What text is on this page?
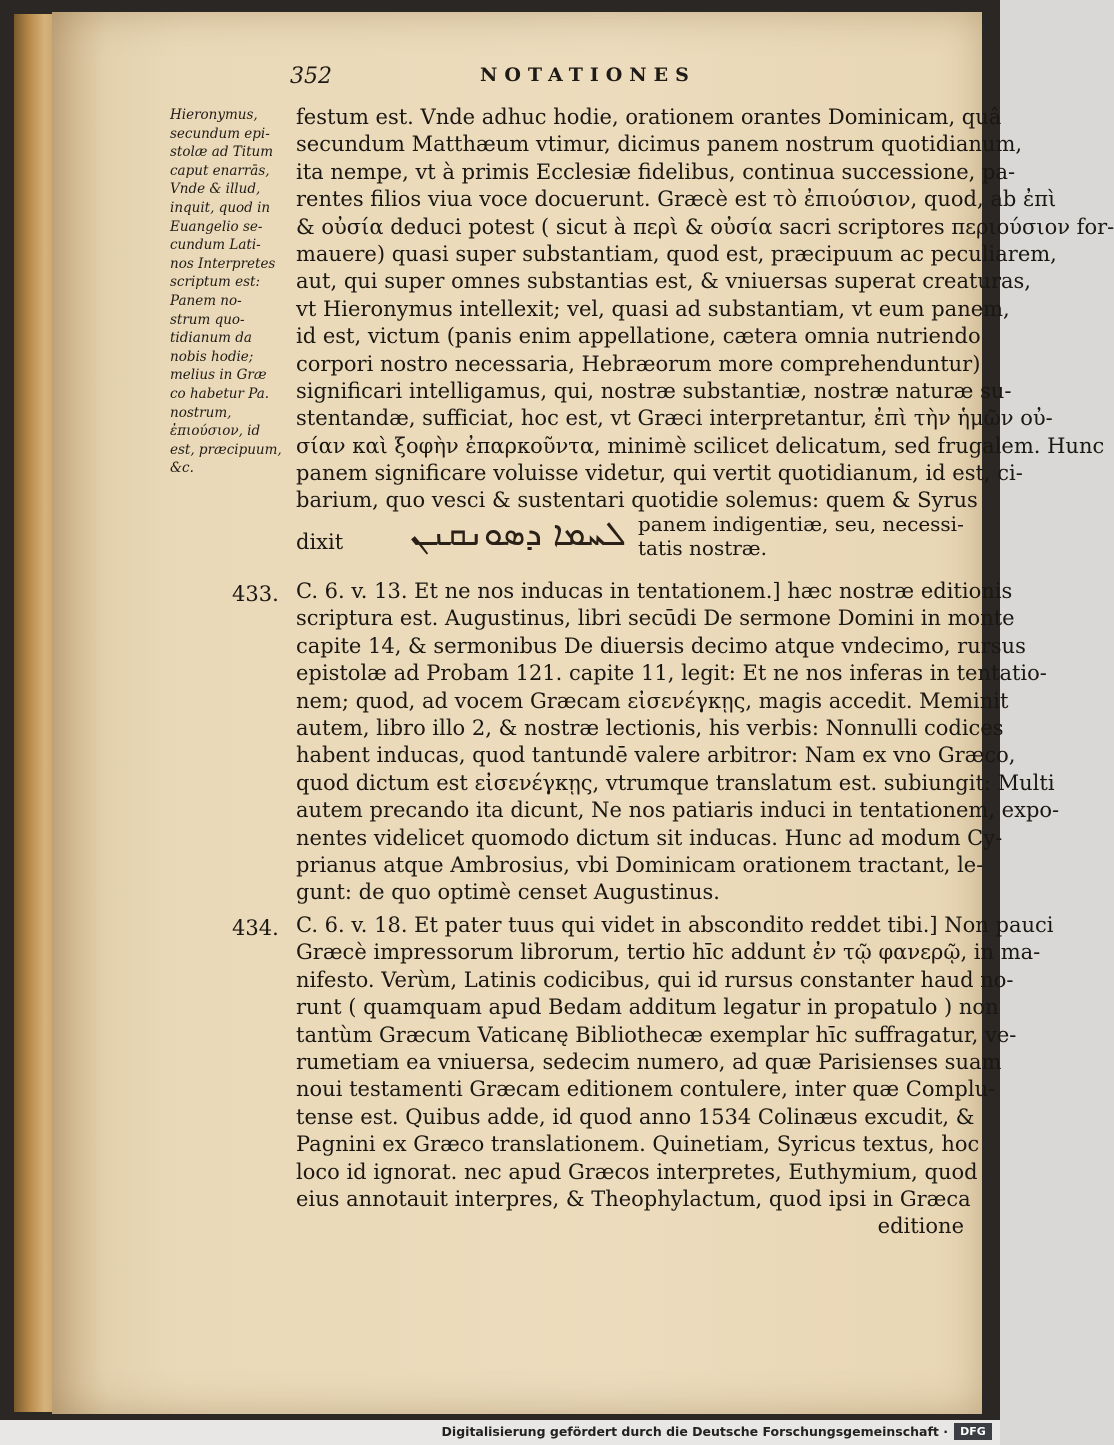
352	NOTATIONES
Hieronymus,
secundum epi-
stolæ ad Titum
caput enarrās,
Vnde & illud,
inquit, quod in
Euangelio se-
cundum Lati-
nos Interpretes
scriptum est:
Panem no-
strum quo-
tidianum da
nobis hodie;
melius in Græ
co habetur Pa.
nostrum,
ἐπιούσιον, id
est, præcipuum,
&c.
festum est. Vnde adhuc hodie, orationem orantes Dominicam, quâ
secundum Matthæum vtimur, dicimus panem nostrum quotidianum,
ita nempe, vt à primis Ecclesiæ fidelibus, continua successione, pa-
rentes filios viua voce docuerunt. Græcè est τὸ ἐπιούσιον, quod, ab ἐπὶ
& οὐσία deduci potest ( sicut à περὶ & οὐσία sacri scriptores περιούσιον for-
mauere) quasi super substantiam, quod est, præcipuum ac peculiarem,
aut, qui super omnes substantias est, & vniuersas superat creaturas,
vt Hieronymus intellexit; vel, quasi ad substantiam, vt eum panem,
id est, victum (panis enim appellatione, cætera omnia nutriendo
corpori nostro necessaria, Hebræorum more comprehenduntur)
significari intelligamus, qui, nostræ substantiæ, nostræ naturæ su-
stentandæ, sufficiat, hoc est, vt Græci interpretantur, ἐπὶ τὴν ἡμῶν οὐ-
σίαν καὶ ξοφὴν ἐπαρκοῦντα, minimè scilicet delicatum, sed frugalem. Hunc
panem significare voluisse videtur, qui vertit quotidianum, id est, ci-
barium, quo vesci & sustentari quotidie solemus: quem & Syrus
dixit	ܠܚܡܐ ܕܣܘܢܩܢܢ panem indigentiæ, seu, necessi-
tatis nostræ.
433. C. 6. v. 13. Et ne nos inducas in tentationem.] hæc nostræ editionis
scriptura est. Augustinus, libri secūdi De sermone Domini in monte
capite 14, & sermonibus De diuersis decimo atque vndecimo, rursus
epistolæ ad Probam 121. capite 11, legit: Et ne nos inferas in tentatio-
nem; quod, ad vocem Græcam εἰσενέγκῃς, magis accedit. Meminit
autem, libro illo 2, & nostræ lectionis, his verbis: Nonnulli codices
habent inducas, quod tantundē valere arbitror: Nam ex vno Græco,
quod dictum est εἰσενέγκῃς, vtrumque translatum est. subiungit: Multi
autem precando ita dicunt, Ne nos patiaris induci in tentationem, expo-
nentes videlicet quomodo dictum sit inducas. Hunc ad modum Cy-
prianus atque Ambrosius, vbi Dominicam orationem tractant, le-
gunt: de quo optimè censet Augustinus.
434. C. 6. v. 18. Et pater tuus qui videt in abscondito reddet tibi.] Non pauci
Græcè impressorum librorum, tertio hīc addunt ἐν τῷ φανερῷ, in ma-
nifesto. Verùm, Latinis codicibus, qui id rursus constanter haud no-
runt ( quamquam apud Bedam additum legatur in propatulo ) non
tantùm Græcum Vaticanę Bibliothecæ exemplar hīc suffragatur, ve-
rumetiam ea vniuersa, sedecim numero, ad quæ Parisienses suam
noui testamenti Græcam editionem contulere, inter quæ Complu-
tense est. Quibus adde, id quod anno 1534 Colinæus excudit, &
Pagnini ex Græco translationem. Quinetiam, Syricus textus, hoc
loco id ignorat. nec apud Græcos interpretes, Euthymium, quod
eius annotauit interpres, & Theophylactum, quod ipsi in Græca
editione
Digitalisierung gefördert durch die Deutsche Forschungsgemeinschaft ·	DFG
